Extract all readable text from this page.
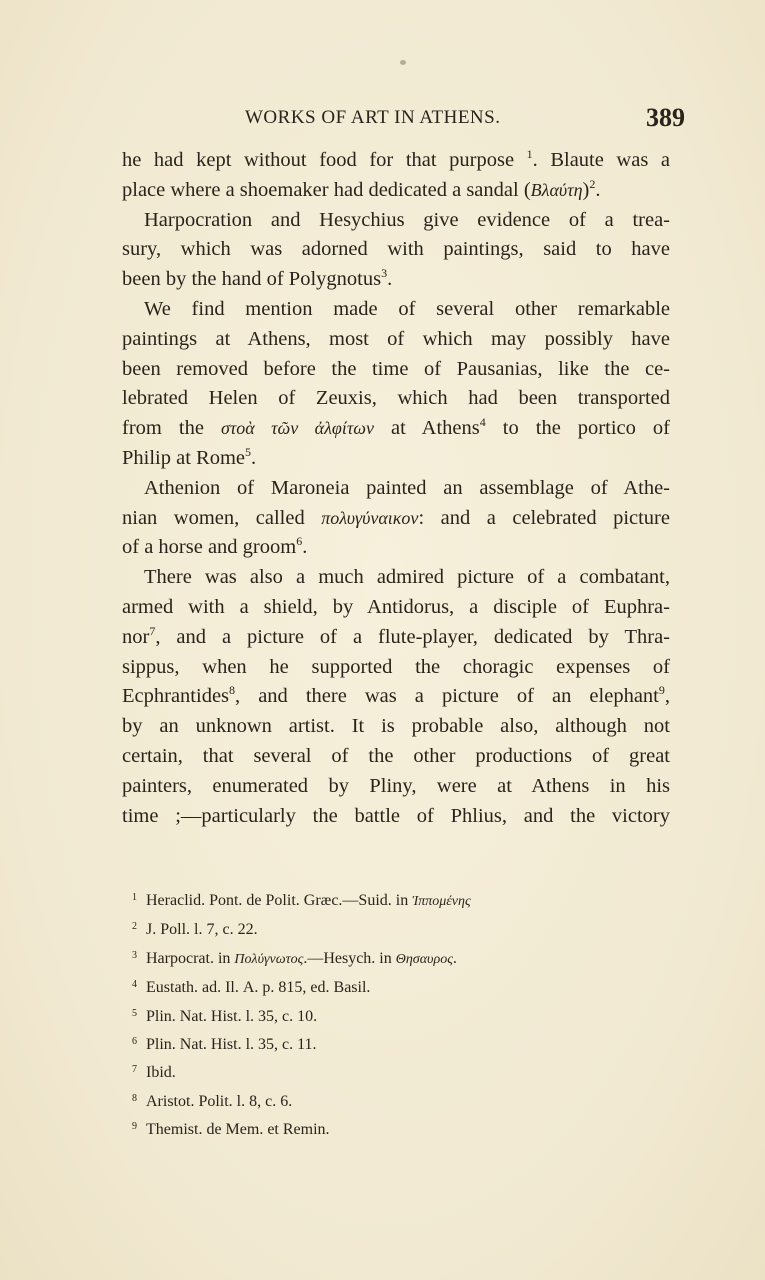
WORKS OF ART IN ATHENS.	389
he had kept without food for that purpose $^1$. Blaute was a
place where a shoemaker had dedicated a sandal $(B\lambda\alpha ύ\tau\eta)^2$.
Harpocration and Hesychius give evidence of a trea-
sury, which was adorned with paintings, said to have
been by the hand of Polygnotus$^3$.
We find mention made of several other remarkable
paintings at Athens, most of which may possibly have
been removed before the time of Pausanias, like the ce-
lebrated Helen of Zeuxis, which had been transported
from the στοὰ τῶν ἀλφίτων at Athens$^4$ to the portico of
Philip at Rome$^5$.
Athenion of Maroneia painted an assemblage of Athe-
nian women, called πολυγύναικον: and a celebrated picture
of a horse and groom$^6$.
There was also a much admired picture of a combatant,
armed with a shield, by Antidorus, a disciple of Euphra-
nor$^7$, and a picture of a flute-player, dedicated by Thra-
sippus, when he supported the choragic expenses of
Ecphrantides$^8$, and there was a picture of an elephant$^9$,
by an unknown artist. It is probable also, although not
certain, that several of the other productions of great
painters, enumerated by Pliny, were at Athens in his
time ;—particularly the battle of Phlius, and the victory
1 Heraclid. Pont. de Polit. Græc.—Suid. in Ἱππομένης
2 J. Poll. l. 7, c. 22.
3 Harpocrat. in Πολύγνωτος.—Hesych. in Θησαυρος.
4 Eustath. ad. Il. Α. p. 815, ed. Basil.
5 Plin. Nat. Hist. l. 35, c. 10.
6 Plin. Nat. Hist. l. 35, c. 11.
7 Ibid.
8 Aristot. Polit. l. 8, c. 6.
9 Themist. de Mem. et Remin.
